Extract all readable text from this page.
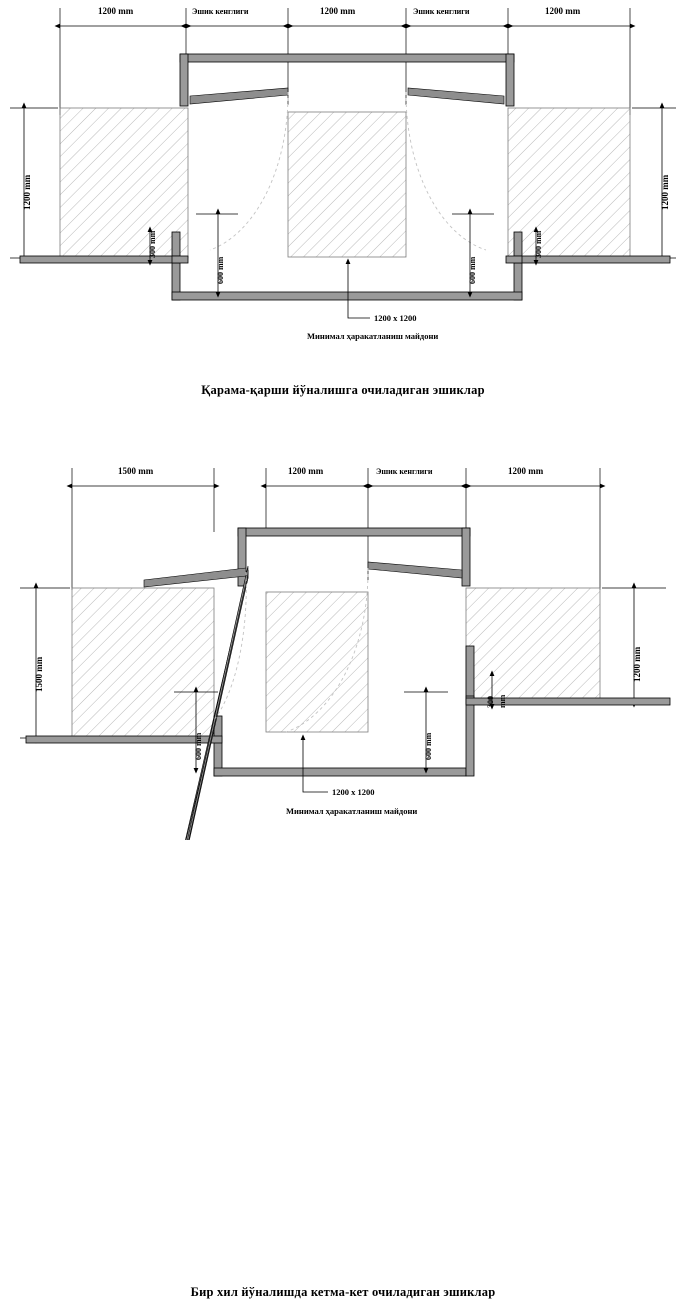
1200 mm	Эшик кенглиги	1200 mm	Эшик кенглиги	1200 mm
1200 mm	1200 mm
300 mm	300 mm
600 mm	600 mm
1200 x 1200
Минимал ҳаракатланиш майдони
Қарама-қарши йўналишга очиладиган эшиклар
1500 mm	1200 mm	Эшик кенглиги	1200 mm
1500 mm	1200 mm
600 mm	600 mm
300 mm
1200 x 1200
Минимал ҳаракатланиш майдони
Бир хил йўналишда кетма-кет очиладиган эшиклар
